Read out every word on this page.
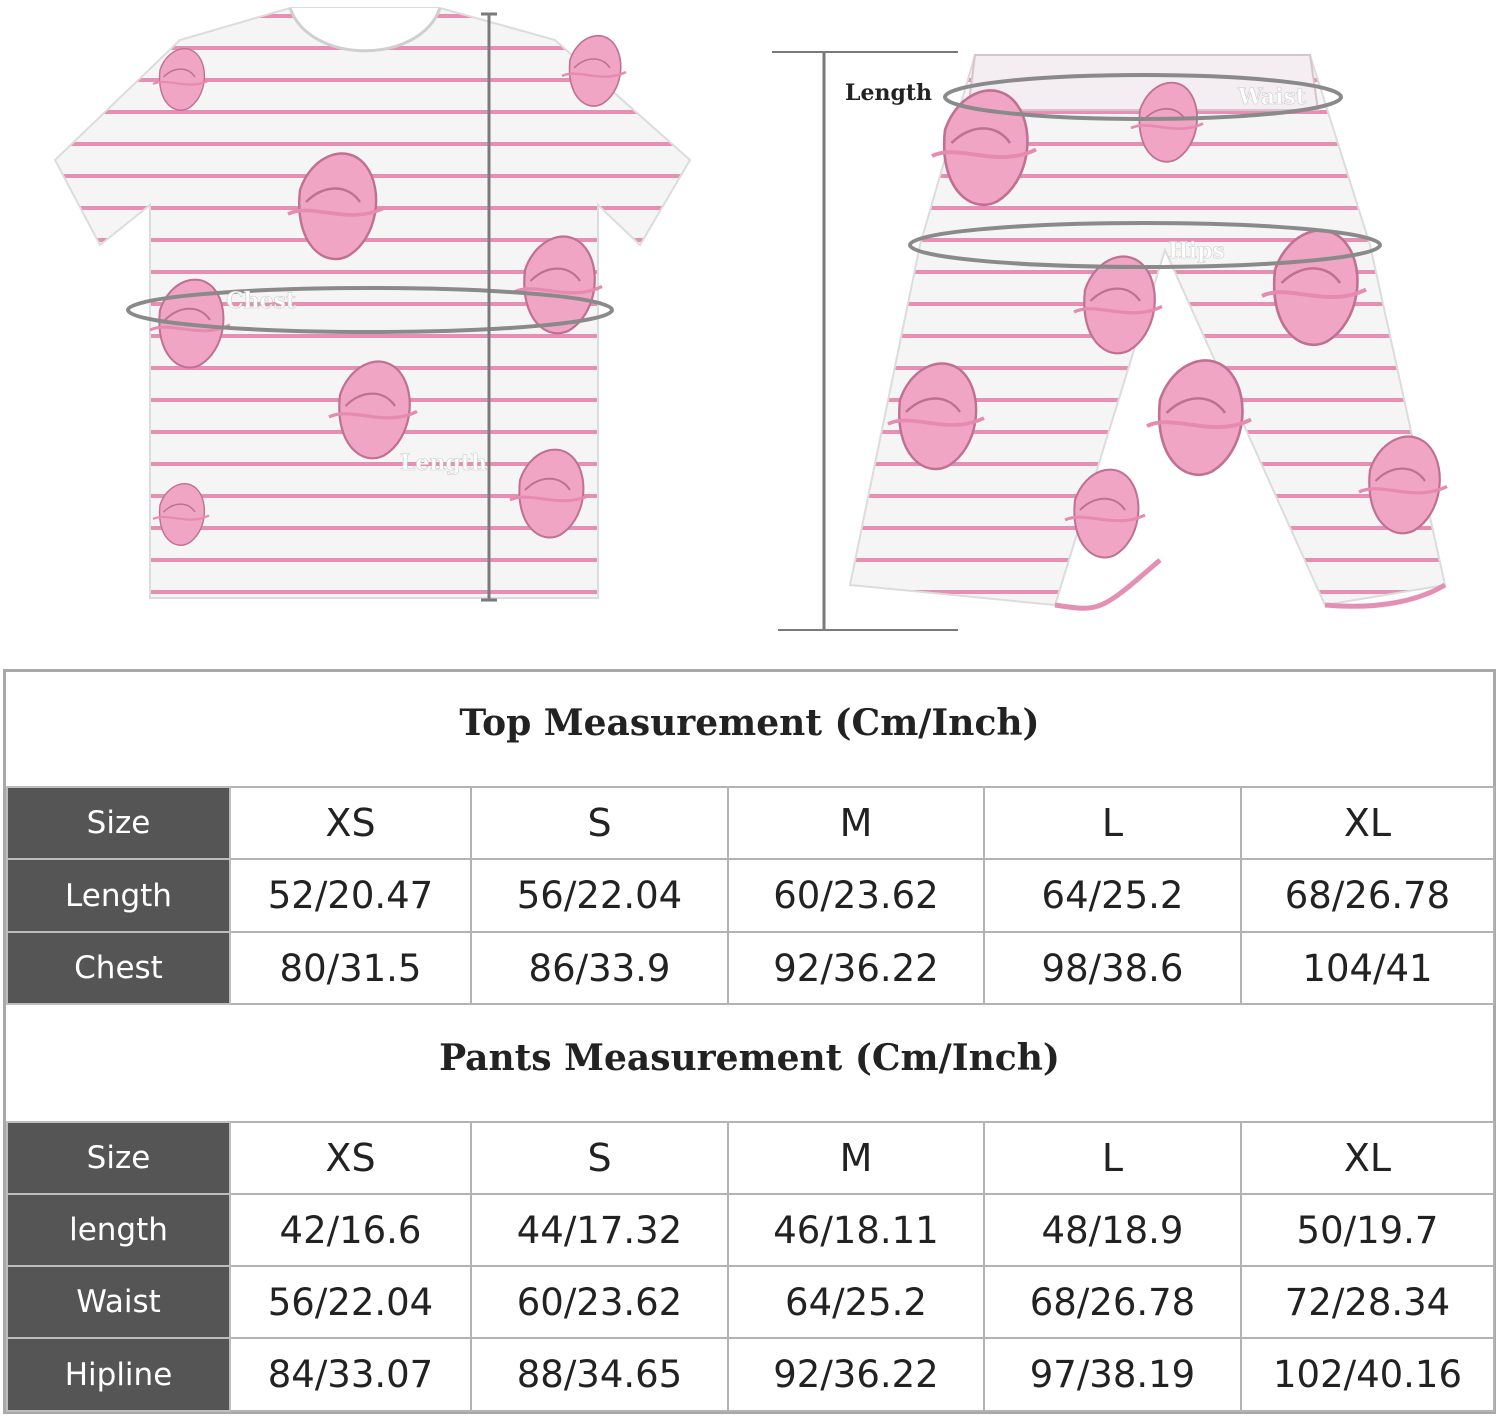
Chest
Length
Length	Waist
Hips
Top Measurement (Cm/Inch)
Size	XS	S	M	L	XL
Length	52/20.47	56/22.04	60/23.62	64/25.2	68/26.78
Chest	80/31.5	86/33.9	92/36.22	98/38.6	104/41
Pants Measurement (Cm/Inch)
Size	XS	S	M	L	XL
length	42/16.6	44/17.32	46/18.11	48/18.9	50/19.7
Waist	56/22.04	60/23.62	64/25.2	68/26.78	72/28.34
Hipline	84/33.07	88/34.65	92/36.22	97/38.19	102/40.16
